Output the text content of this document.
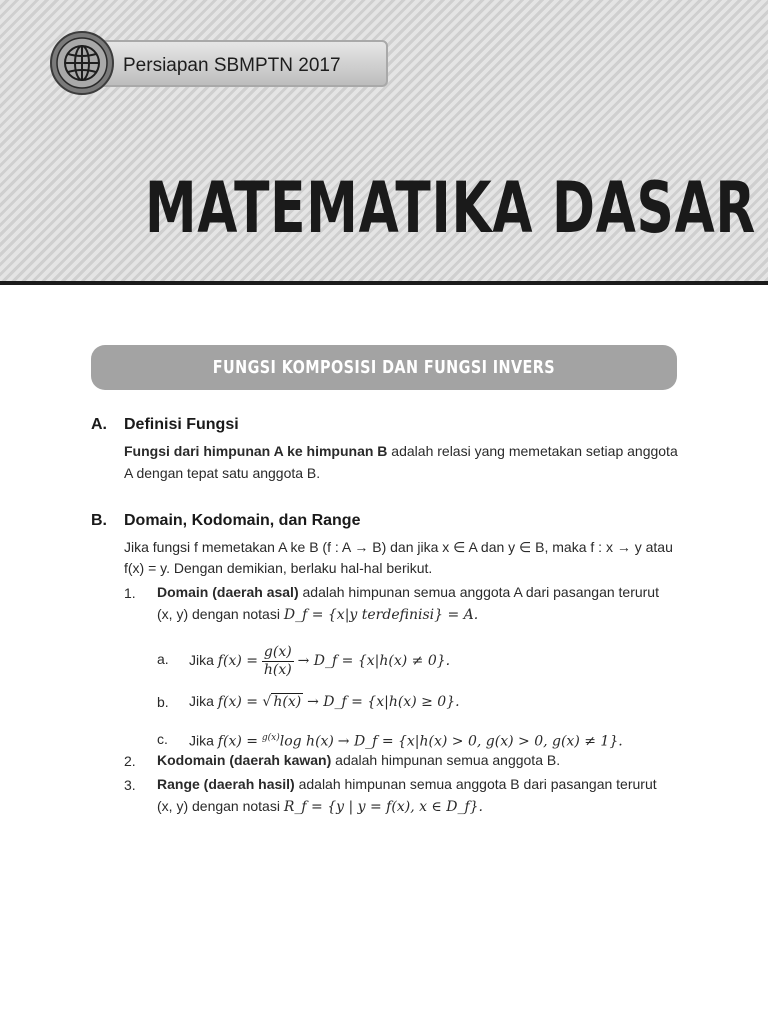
Persiapan SBMPTN 2017
MATEMATIKA DASAR
FUNGSI KOMPOSISI DAN FUNGSI INVERS
A. Definisi Fungsi
Fungsi dari himpunan A ke himpunan B adalah relasi yang memetakan setiap anggota
A dengan tepat satu anggota B.
B. Domain, Kodomain, dan Range
Jika fungsi f memetakan A ke B (f : A → B) dan jika x ∈ A dan y ∈ B, maka f : x → y atau
f(x) = y. Dengan demikian, berlaku hal-hal berikut.
1. Domain (daerah asal) adalah himpunan semua anggota A dari pasangan terurut
(x, y) dengan notasi D_f = {x|y terdefinisi} = A.
a. Jika $f(x) = \frac{g(x)}{h(x)}$ → D_f = {x|h(x) ≠ 0}.
b. Jika f(x) = √ h(x) → D_f = {x|h(x) ≥ 0}.
c. Jika f(x) = $^{g(x)}$log h(x) → D_f = {x|h(x) > 0, g(x) > 0, g(x) ≠ 1}.
2. Kodomain (daerah kawan) adalah himpunan semua anggota B.
3. Range (daerah hasil) adalah himpunan semua anggota B dari pasangan terurut
(x, y) dengan notasi R_f = {y | y = f(x), x ∈ D_f}.
